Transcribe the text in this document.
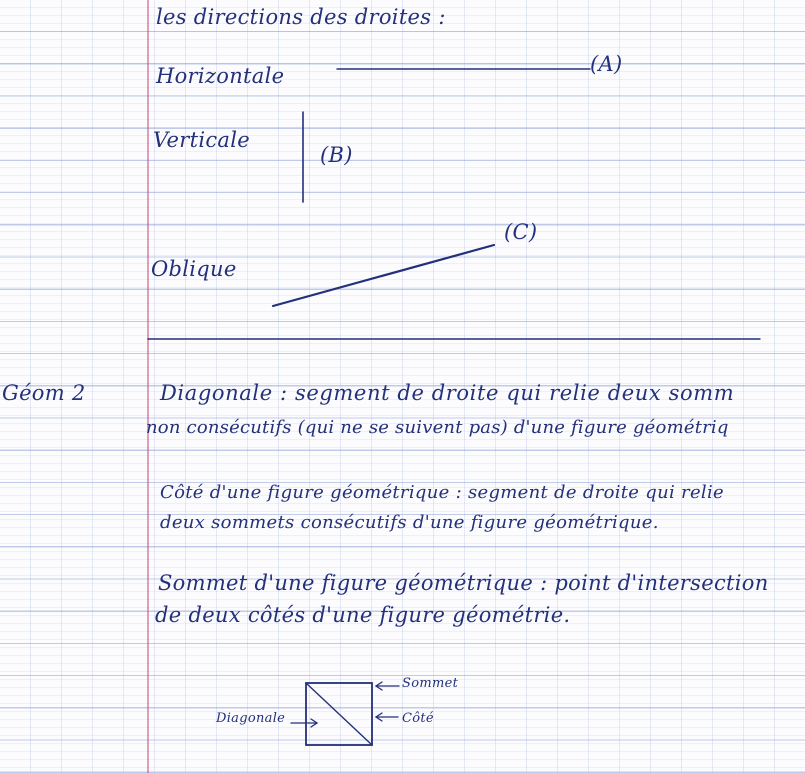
les directions des droites :
Horizontale	(A)
Verticale
(B)
Oblique
(C)
Géom 2	Diagonale : segment de droite qui relie deux somm
non consécutifs (qui ne se suivent pas) d'une figure géométriq
Côté d'une figure géométrique : segment de droite qui relie
deux sommets consécutifs d'une figure géométrique.
Sommet d'une figure géométrique : point d'intersection
de deux côtés d'une figure géométrie.
Sommet
Diagonale	Côté
